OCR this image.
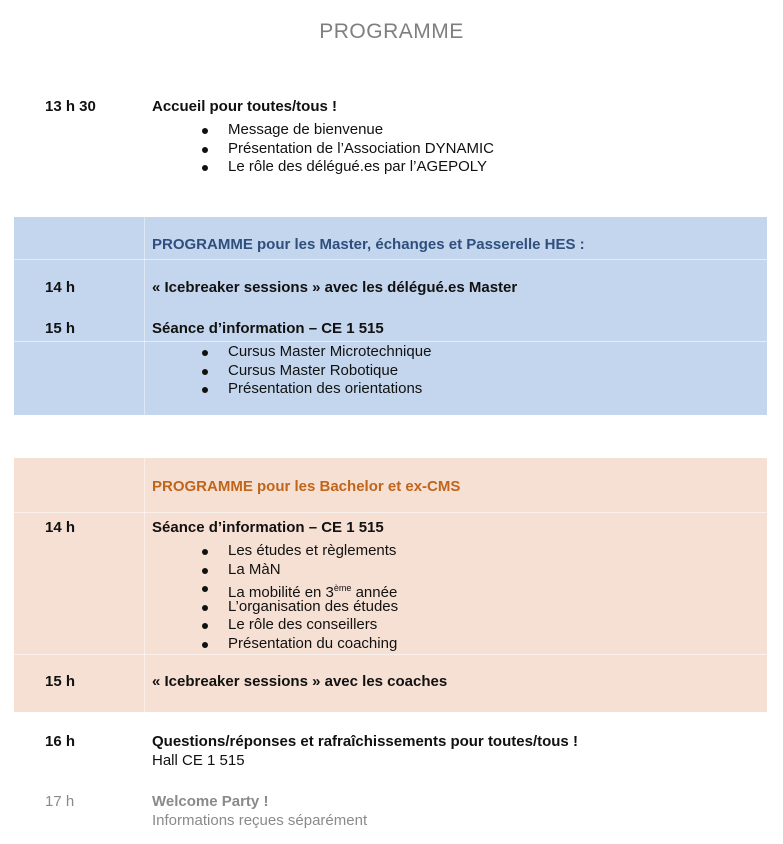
PROGRAMME
13 h 30	Accueil pour toutes/tous !
Message de bienvenue
Présentation de l’Association DYNAMIC
Le rôle des délégué.es par l’AGEPOLY
PROGRAMME pour les Master, échanges et Passerelle HES :
14 h	« Icebreaker sessions » avec les délégué.es Master
15 h	Séance d’information – CE 1 515
Cursus Master Microtechnique
Cursus Master Robotique
Présentation des orientations
PROGRAMME pour les Bachelor et ex-CMS
14 h	Séance d’information – CE 1 515
Les études et règlements
La MàN
La mobilité en 3ème année
L’organisation des études
Le rôle des conseillers
Présentation du coaching
15 h	« Icebreaker sessions » avec les coaches
16 h	Questions/réponses et rafraîchissements pour toutes/tous !
Hall CE 1 515
17 h	Welcome Party !
Informations reçues séparément
